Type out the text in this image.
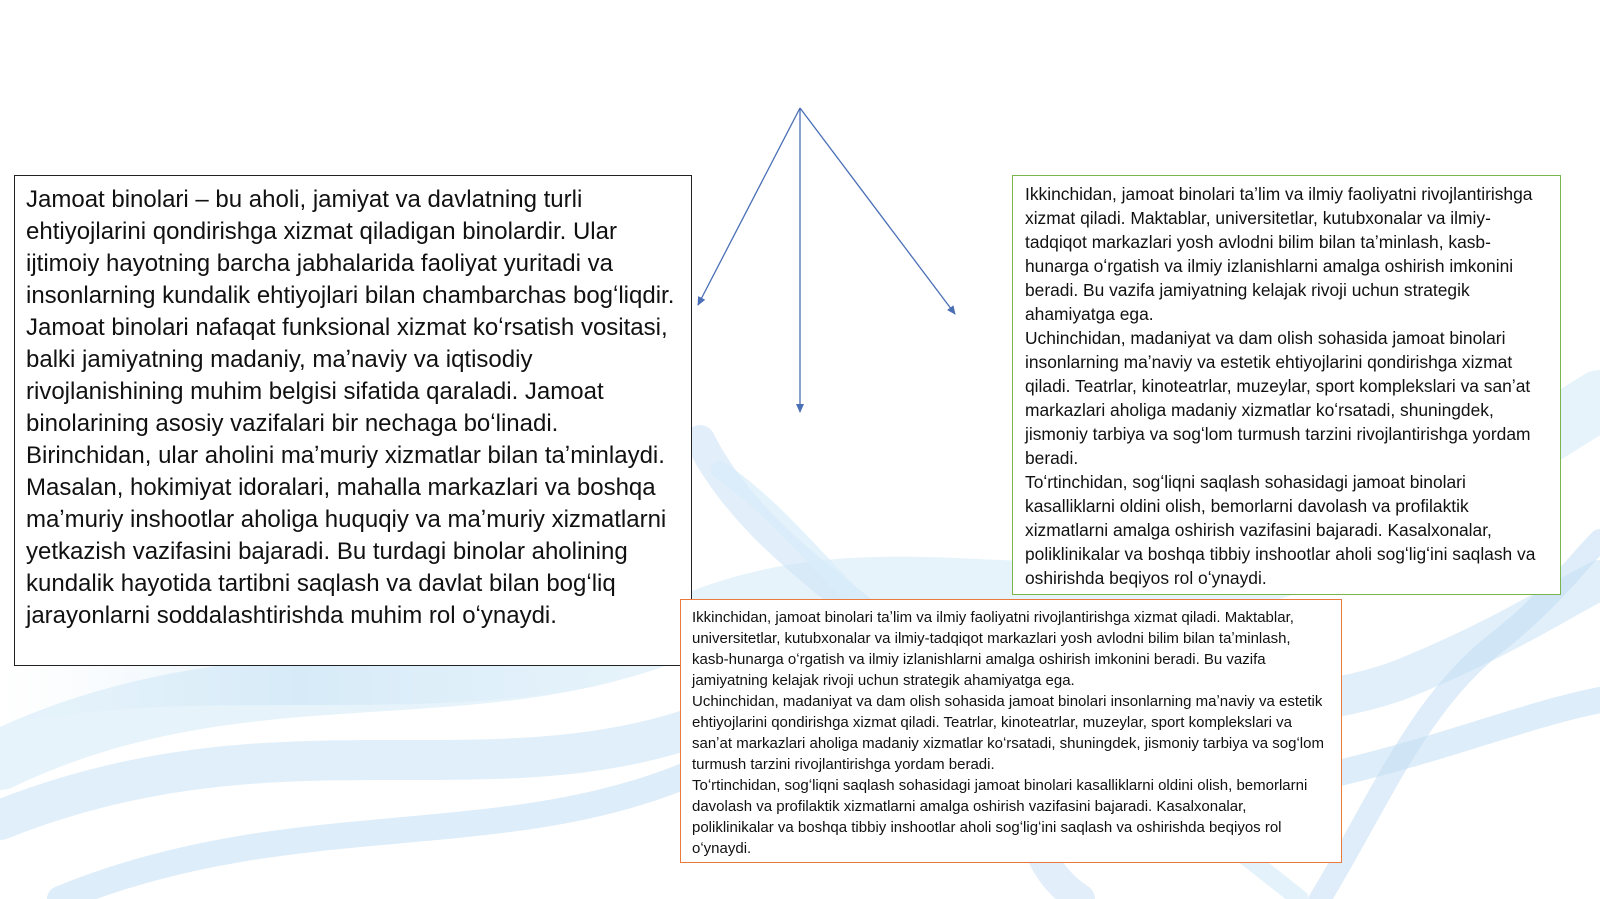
Jamoat binolari – bu aholi, jamiyat va davlatning turli ehtiyojlarini qondirishga xizmat qiladigan binolardir. Ular ijtimoiy hayotning barcha jabhalarida faoliyat yuritadi va insonlarning kundalik ehtiyojlari bilan chambarchas bogʻliqdir. Jamoat binolari nafaqat funksional xizmat koʻrsatish vositasi, balki jamiyatning madaniy, maʼnaviy va iqtisodiy rivojlanishining muhim belgisi sifatida qaraladi. Jamoat binolarining asosiy vazifalari bir nechaga boʻlinadi. Birinchidan, ular aholini maʼmuriy xizmatlar bilan taʼminlaydi. Masalan, hokimiyat idoralari, mahalla markazlari va boshqa maʼmuriy inshootlar aholiga huquqiy va maʼmuriy xizmatlarni yetkazish vazifasini bajaradi. Bu turdagi binolar aholining kundalik hayotida tartibni saqlash va davlat bilan bogʻliq jarayonlarni soddalashtirishda muhim rol oʻynaydi.

Ikkinchidan, jamoat binolari taʼlim va ilmiy faoliyatni rivojlantirishga xizmat qiladi. Maktablar, universitetlar, kutubxonalar va ilmiy-tadqiqot markazlari yosh avlodni bilim bilan taʼminlash, kasb-hunarga oʻrgatish va ilmiy izlanishlarni amalga oshirish imkonini beradi. Bu vazifa jamiyatning kelajak rivoji uchun strategik ahamiyatga ega.

Uchinchidan, madaniyat va dam olish sohasida jamoat binolari insonlarning maʼnaviy va estetik ehtiyojlarini qondirishga xizmat qiladi. Teatrlar, kinoteatrlar, muzeylar, sport komplekslari va sanʼat markazlari aholiga madaniy xizmatlar koʻrsatadi, shuningdek, jismoniy tarbiya va sogʻlom turmush tarzini rivojlantirishga yordam beradi.

Toʻrtinchidan, sogʻliqni saqlash sohasidagi jamoat binolari kasalliklarni oldini olish, bemorlarni davolash va profilaktik xizmatlarni amalga oshirish vazifasini bajaradi. Kasalxonalar, poliklinikalar va boshqa tibbiy inshootlar aholi sogʻligʻini saqlash va oshirishda beqiyos rol oʻynaydi.

Ikkinchidan, jamoat binolari taʼlim va ilmiy faoliyatni rivojlantirishga xizmat qiladi. Maktablar, universitetlar, kutubxonalar va ilmiy-tadqiqot markazlari yosh avlodni bilim bilan taʼminlash, kasb-hunarga oʻrgatish va ilmiy izlanishlarni amalga oshirish imkonini beradi. Bu vazifa jamiyatning kelajak rivoji uchun strategik ahamiyatga ega.

Uchinchidan, madaniyat va dam olish sohasida jamoat binolari insonlarning maʼnaviy va estetik ehtiyojlarini qondirishga xizmat qiladi. Teatrlar, kinoteatrlar, muzeylar, sport komplekslari va sanʼat markazlari aholiga madaniy xizmatlar koʻrsatadi, shuningdek, jismoniy tarbiya va sogʻlom turmush tarzini rivojlantirishga yordam beradi.

Toʻrtinchidan, sogʻliqni saqlash sohasidagi jamoat binolari kasalliklarni oldini olish, bemorlarni davolash va profilaktik xizmatlarni amalga oshirish vazifasini bajaradi. Kasalxonalar, poliklinikalar va boshqa tibbiy inshootlar aholi sogʻligʻini saqlash va oshirishda beqiyos rol oʻynaydi.
